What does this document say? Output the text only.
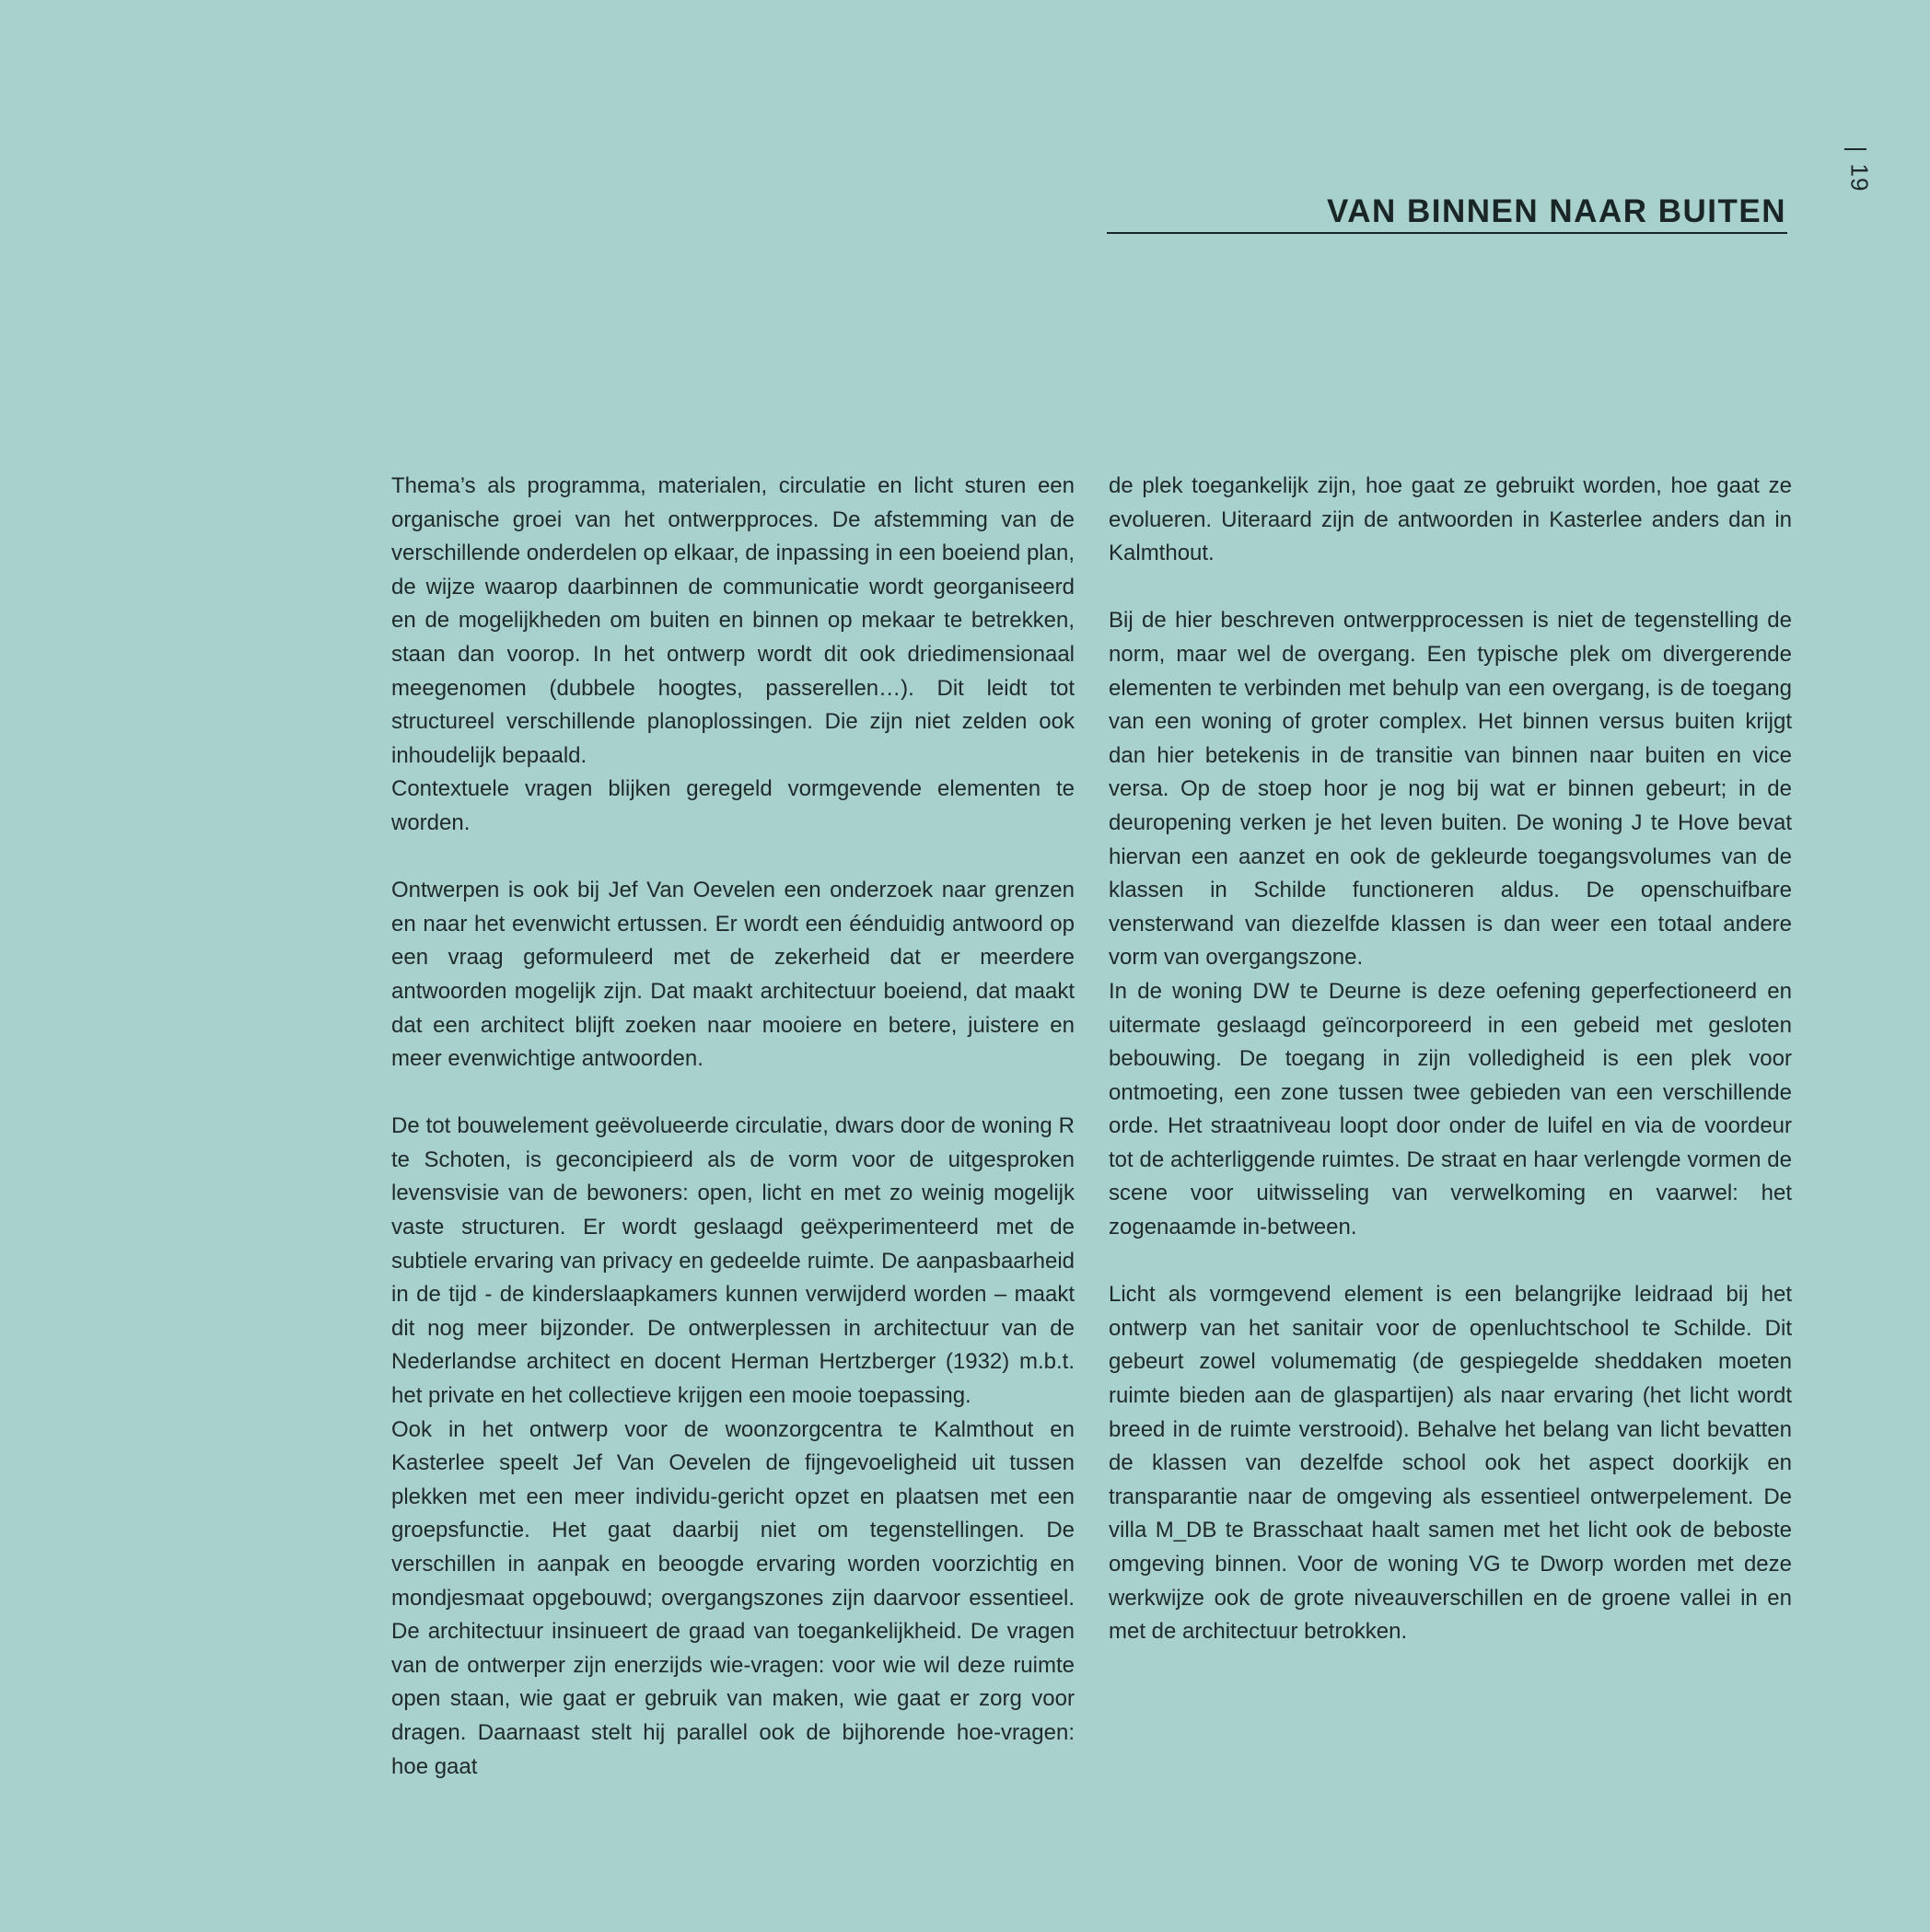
19
VAN BINNEN NAAR BUITEN

Thema’s als programma, materialen, circulatie en licht sturen een organische groei van het ontwerpproces. De afstemming van de verschillende onderdelen op elkaar, de inpassing in een boeiend plan, de wijze waarop daarbinnen de communicatie wordt georganiseerd en de mogelijkheden om buiten en binnen op mekaar te betrekken, staan dan voorop. In het ontwerp wordt dit ook driedimensionaal meegenomen (dubbele hoogtes, passerellen…). Dit leidt tot structureel verschillende planoplossingen. Die zijn niet zelden ook inhoudelijk bepaald.

Contextuele vragen blijken geregeld vormgevende elementen te worden.

Ontwerpen is ook bij Jef Van Oevelen een onderzoek naar grenzen en naar het evenwicht ertussen. Er wordt een éénduidig antwoord op een vraag geformuleerd met de zekerheid dat er meerdere antwoorden mogelijk zijn. Dat maakt architectuur boeiend, dat maakt dat een architect blijft zoeken naar mooiere en betere, juistere en meer evenwichtige antwoorden.

De tot bouwelement geëvolueerde circulatie, dwars door de woning R te Schoten, is geconcipieerd als de vorm voor de uitgesproken levensvisie van de bewoners: open, licht en met zo weinig mogelijk vaste structuren. Er wordt geslaagd geëxperimenteerd met de subtiele ervaring van privacy en gedeelde ruimte. De aanpasbaarheid in de tijd - de kinderslaapkamers kunnen verwijderd worden – maakt dit nog meer bijzonder. De ontwerplessen in architectuur van de Nederlandse architect en docent Herman Hertzberger (1932) m.b.t. het private en het collectieve krijgen een mooie toepassing.

Ook in het ontwerp voor de woonzorgcentra te Kalmthout en Kasterlee speelt Jef Van Oevelen de fijngevoeligheid uit tussen plekken met een meer individu-gericht opzet en plaatsen met een groepsfunctie. Het gaat daarbij niet om tegenstellingen. De verschillen in aanpak en beoogde ervaring worden voorzichtig en mondjesmaat opgebouwd; overgangszones zijn daarvoor essentieel. De architectuur insinueert de graad van toegankelijkheid. De vragen van de ontwerper zijn enerzijds wie-vragen: voor wie wil deze ruimte open staan, wie gaat er gebruik van maken, wie gaat er zorg voor dragen. Daarnaast stelt hij parallel ook de bijhorende hoe-vragen: hoe gaat

de plek toegankelijk zijn, hoe gaat ze gebruikt worden, hoe gaat ze evolueren. Uiteraard zijn de antwoorden in Kasterlee anders dan in Kalmthout.

Bij de hier beschreven ontwerpprocessen is niet de tegenstelling de norm, maar wel de overgang. Een typische plek om divergerende elementen te verbinden met behulp van een overgang, is de toegang van een woning of groter complex. Het binnen versus buiten krijgt dan hier betekenis in de transitie van binnen naar buiten en vice versa. Op de stoep hoor je nog bij wat er binnen gebeurt; in de deuropening verken je het leven buiten. De woning J te Hove bevat hiervan een aanzet en ook de gekleurde toegangsvolumes van de klassen in Schilde functioneren aldus. De openschuifbare vensterwand van diezelfde klassen is dan weer een totaal andere vorm van overgangszone.

In de woning DW te Deurne is deze oefening geperfectioneerd en uitermate geslaagd geïncorporeerd in een gebeid met gesloten bebouwing. De toegang in zijn volledigheid is een plek voor ontmoeting, een zone tussen twee gebieden van een verschillende orde. Het straatniveau loopt door onder de luifel en via de voordeur tot de achterliggende ruimtes. De straat en haar verlengde vormen de scene voor uitwisseling van verwelkoming en vaarwel: het zogenaamde in-between.

Licht als vormgevend element is een belangrijke leidraad bij het ontwerp van het sanitair voor de openluchtschool te Schilde. Dit gebeurt zowel volumematig (de gespiegelde sheddaken moeten ruimte bieden aan de glaspartijen) als naar ervaring (het licht wordt breed in de ruimte verstrooid). Behalve het belang van licht bevatten de klassen van dezelfde school ook het aspect doorkijk en transparantie naar de omgeving als essentieel ontwerpelement. De villa M_DB te Brasschaat haalt samen met het licht ook de beboste omgeving binnen. Voor de woning VG te Dworp worden met deze werkwijze ook de grote niveauverschillen en de groene vallei in en met de architectuur betrokken.
